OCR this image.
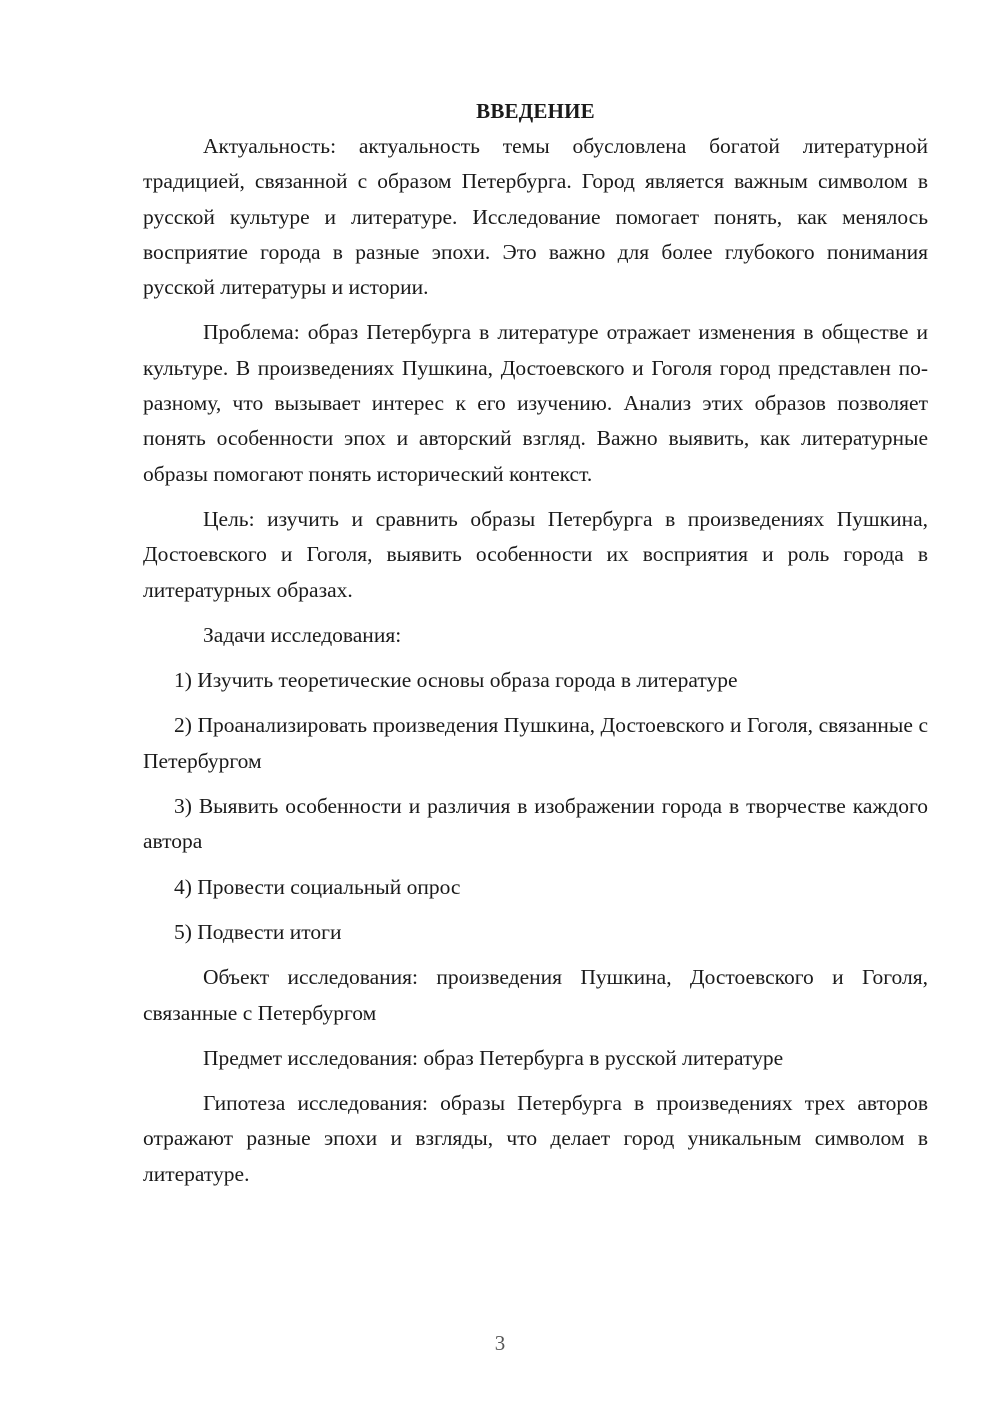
ВВЕДЕНИЕ

Актуальность: актуальность темы обусловлена богатой литературной традицией, связанной с образом Петербурга. Город является важным символом в русской культуре и литературе. Исследование помогает понять, как менялось восприятие города в разные эпохи. Это важно для более глубокого понимания русской литературы и истории.

Проблема: образ Петербурга в литературе отражает изменения в обществе и культуре. В произведениях Пушкина, Достоевского и Гоголя город представлен по-разному, что вызывает интерес к его изучению. Анализ этих образов позволяет понять особенности эпох и авторский взгляд. Важно выявить, как литературные образы помогают понять исторический контекст.

Цель: изучить и сравнить образы Петербурга в произведениях Пушкина, Достоевского и Гоголя, выявить особенности их восприятия и роль города в литературных образах.

Задачи исследования:

1) Изучить теоретические основы образа города в литературе

2) Проанализировать произведения Пушкина, Достоевского и Гоголя, связанные с Петербургом

3) Выявить особенности и различия в изображении города в творчестве каждого автора

4) Провести социальный опрос

5) Подвести итоги

Объект исследования: произведения Пушкина, Достоевского и Гоголя, связанные с Петербургом

Предмет исследования: образ Петербурга в русской литературе

Гипотеза исследования: образы Петербурга в произведениях трех авторов отражают разные эпохи и взгляды, что делает город уникальным символом в литературе.

3
